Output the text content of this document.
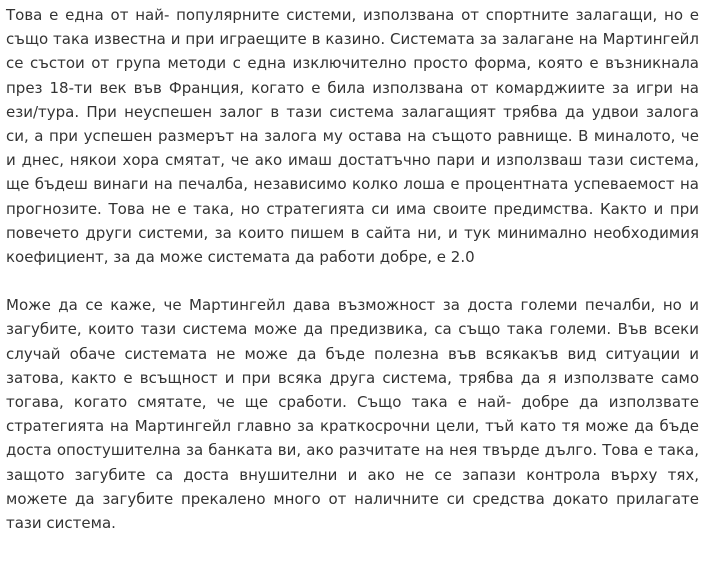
Това е една от най- популярните системи, използвана от спортните залагащи, но е също така известна и при играещите в казино. Системата за залагане на Мартингейл се състои от група методи с една изключително просто форма, която е възникнала през 18-ти век във Франция, когато е била използвана от комарджиите за игри на ези/тура. При неуспешен залог в тази система залагащият трябва да удвои залога си, а при успешен размерът на залога му остава на същото равнище. В миналото, че и днес, някои хора смятат, че ако имаш достатъчно пари и използваш тази система, ще бъдеш винаги на печалба, независимо колко лоша е процентната успеваемост на прогнозите. Това не е така, но стратегията си има своите предимства. Както и при повечето други системи, за които пишем в сайта ни, и тук минимално необходимия коефициент, за да може системата да работи добре, е 2.0

Може да се каже, че Мартингейл дава възможност за доста големи печалби, но и загубите, които тази система може да предизвика, са също така големи. Във всеки случай обаче системата не може да бъде полезна във всякакъв вид ситуации и затова, както е всъщност и при всяка друга система, трябва да я използвате само тогава, когато смятате, че ще сработи. Също така е най- добре да използвате стратегията на Мартингейл главно за краткосрочни цели, тъй като тя може да бъде доста опостушителна за банката ви, ако разчитате на нея твърде дълго. Това е така, защото загубите са доста внушителни и ако не се запази контрола върху тях, можете да загубите прекалено много от наличните си средства докато прилагате тази система.
